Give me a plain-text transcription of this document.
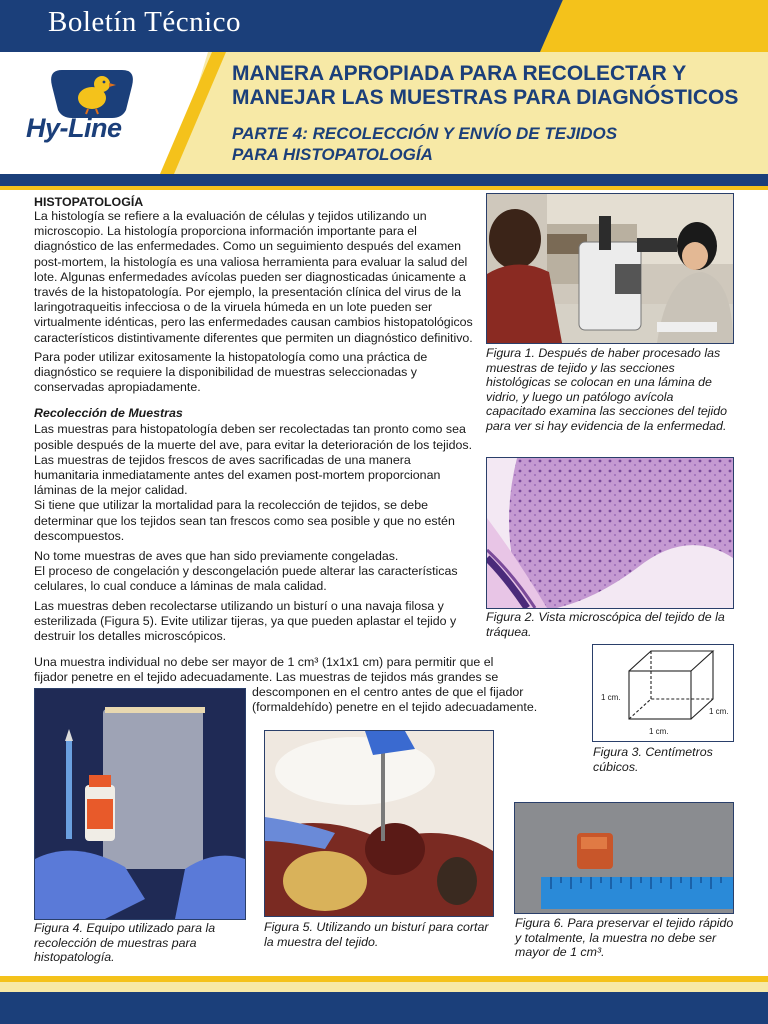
Boletín Técnico
Hy-Line
MANERA APROPIADA PARA RECOLECTAR Y
MANEJAR LAS MUESTRAS PARA DIAGNÓSTICOS
PARTE 4: RECOLECCIÓN Y ENVÍO DE TEJIDOS
PARA HISTOPATOLOGÍA

HISTOPATOLOGÍA

La histología se refiere a la evaluación de células y tejidos utilizando un microscopio. La histología proporciona información importante para el diagnóstico de las enfermedades. Como un seguimiento después del examen post-mortem, la histología es una valiosa herramienta para evaluar la salud del lote. Algunas enfermedades avícolas pueden ser diagnosticadas únicamente a través de la histopatología. Por ejemplo, la presentación clínica del virus de la laringotraqueitis infecciosa o de la viruela húmeda en un lote pueden ser virtualmente idénticas, pero las enfermedades causan cambios histopatológicos característicos distintivamente diferentes que permiten un diagnóstico definitivo.

Para poder utilizar exitosamente la histopatología como una práctica de diagnóstico se requiere la disponibilidad de muestras seleccionadas y conservadas apropiadamente.

Recolección de Muestras

Las muestras para histopatología deben ser recolectadas tan pronto como sea posible después de la muerte del ave, para evitar la deterioración de los tejidos. Las muestras de tejidos frescos de aves sacrificadas de una manera humanitaria inmediatamente antes del examen post-mortem proporcionan láminas de la mejor calidad.

Si tiene que utilizar la mortalidad para la recolección de tejidos, se debe determinar que los tejidos sean tan frescos como sea posible y que no estén descompuestos.

No tome muestras de aves que han sido previamente congeladas.

El proceso de congelación y descongelación puede alterar las características celulares, lo cual conduce a láminas de mala calidad.

Las muestras deben recolectarse utilizando un bisturí o una navaja filosa y esterilizada (Figura 5). Evite utilizar tijeras, ya que pueden aplastar el tejido y destruir los detalles microscópicos.

Una muestra individual no debe ser mayor de 1 cm³ (1x1x1 cm) para permitir que el
fijador penetre en el tejido adecuadamente. Las muestras de tejidos más grandes se
descomponen en el centro antes de que el fijador
(formaldehído) penetre en el tejido adecuadamente.
Figura 1. Después de haber procesado las muestras de tejido y las secciones histológicas se colocan en una lámina de vidrio, y luego un patólogo avícola capacitado examina las secciones del tejido para ver si hay evidencia de la enfermedad.
Figura 2. Vista microscópica del tejido de la tráquea.
1 cm.
1 cm.
1 cm.
Figura 3. Centímetros cúbicos.
Figura 4. Equipo utilizado para la recolección de muestras para histopatología.
Figura 5. Utilizando un bisturí para cortar la muestra del tejido.
Figura 6. Para preservar el tejido rápido y totalmente, la muestra no debe ser mayor de 1 cm³.
